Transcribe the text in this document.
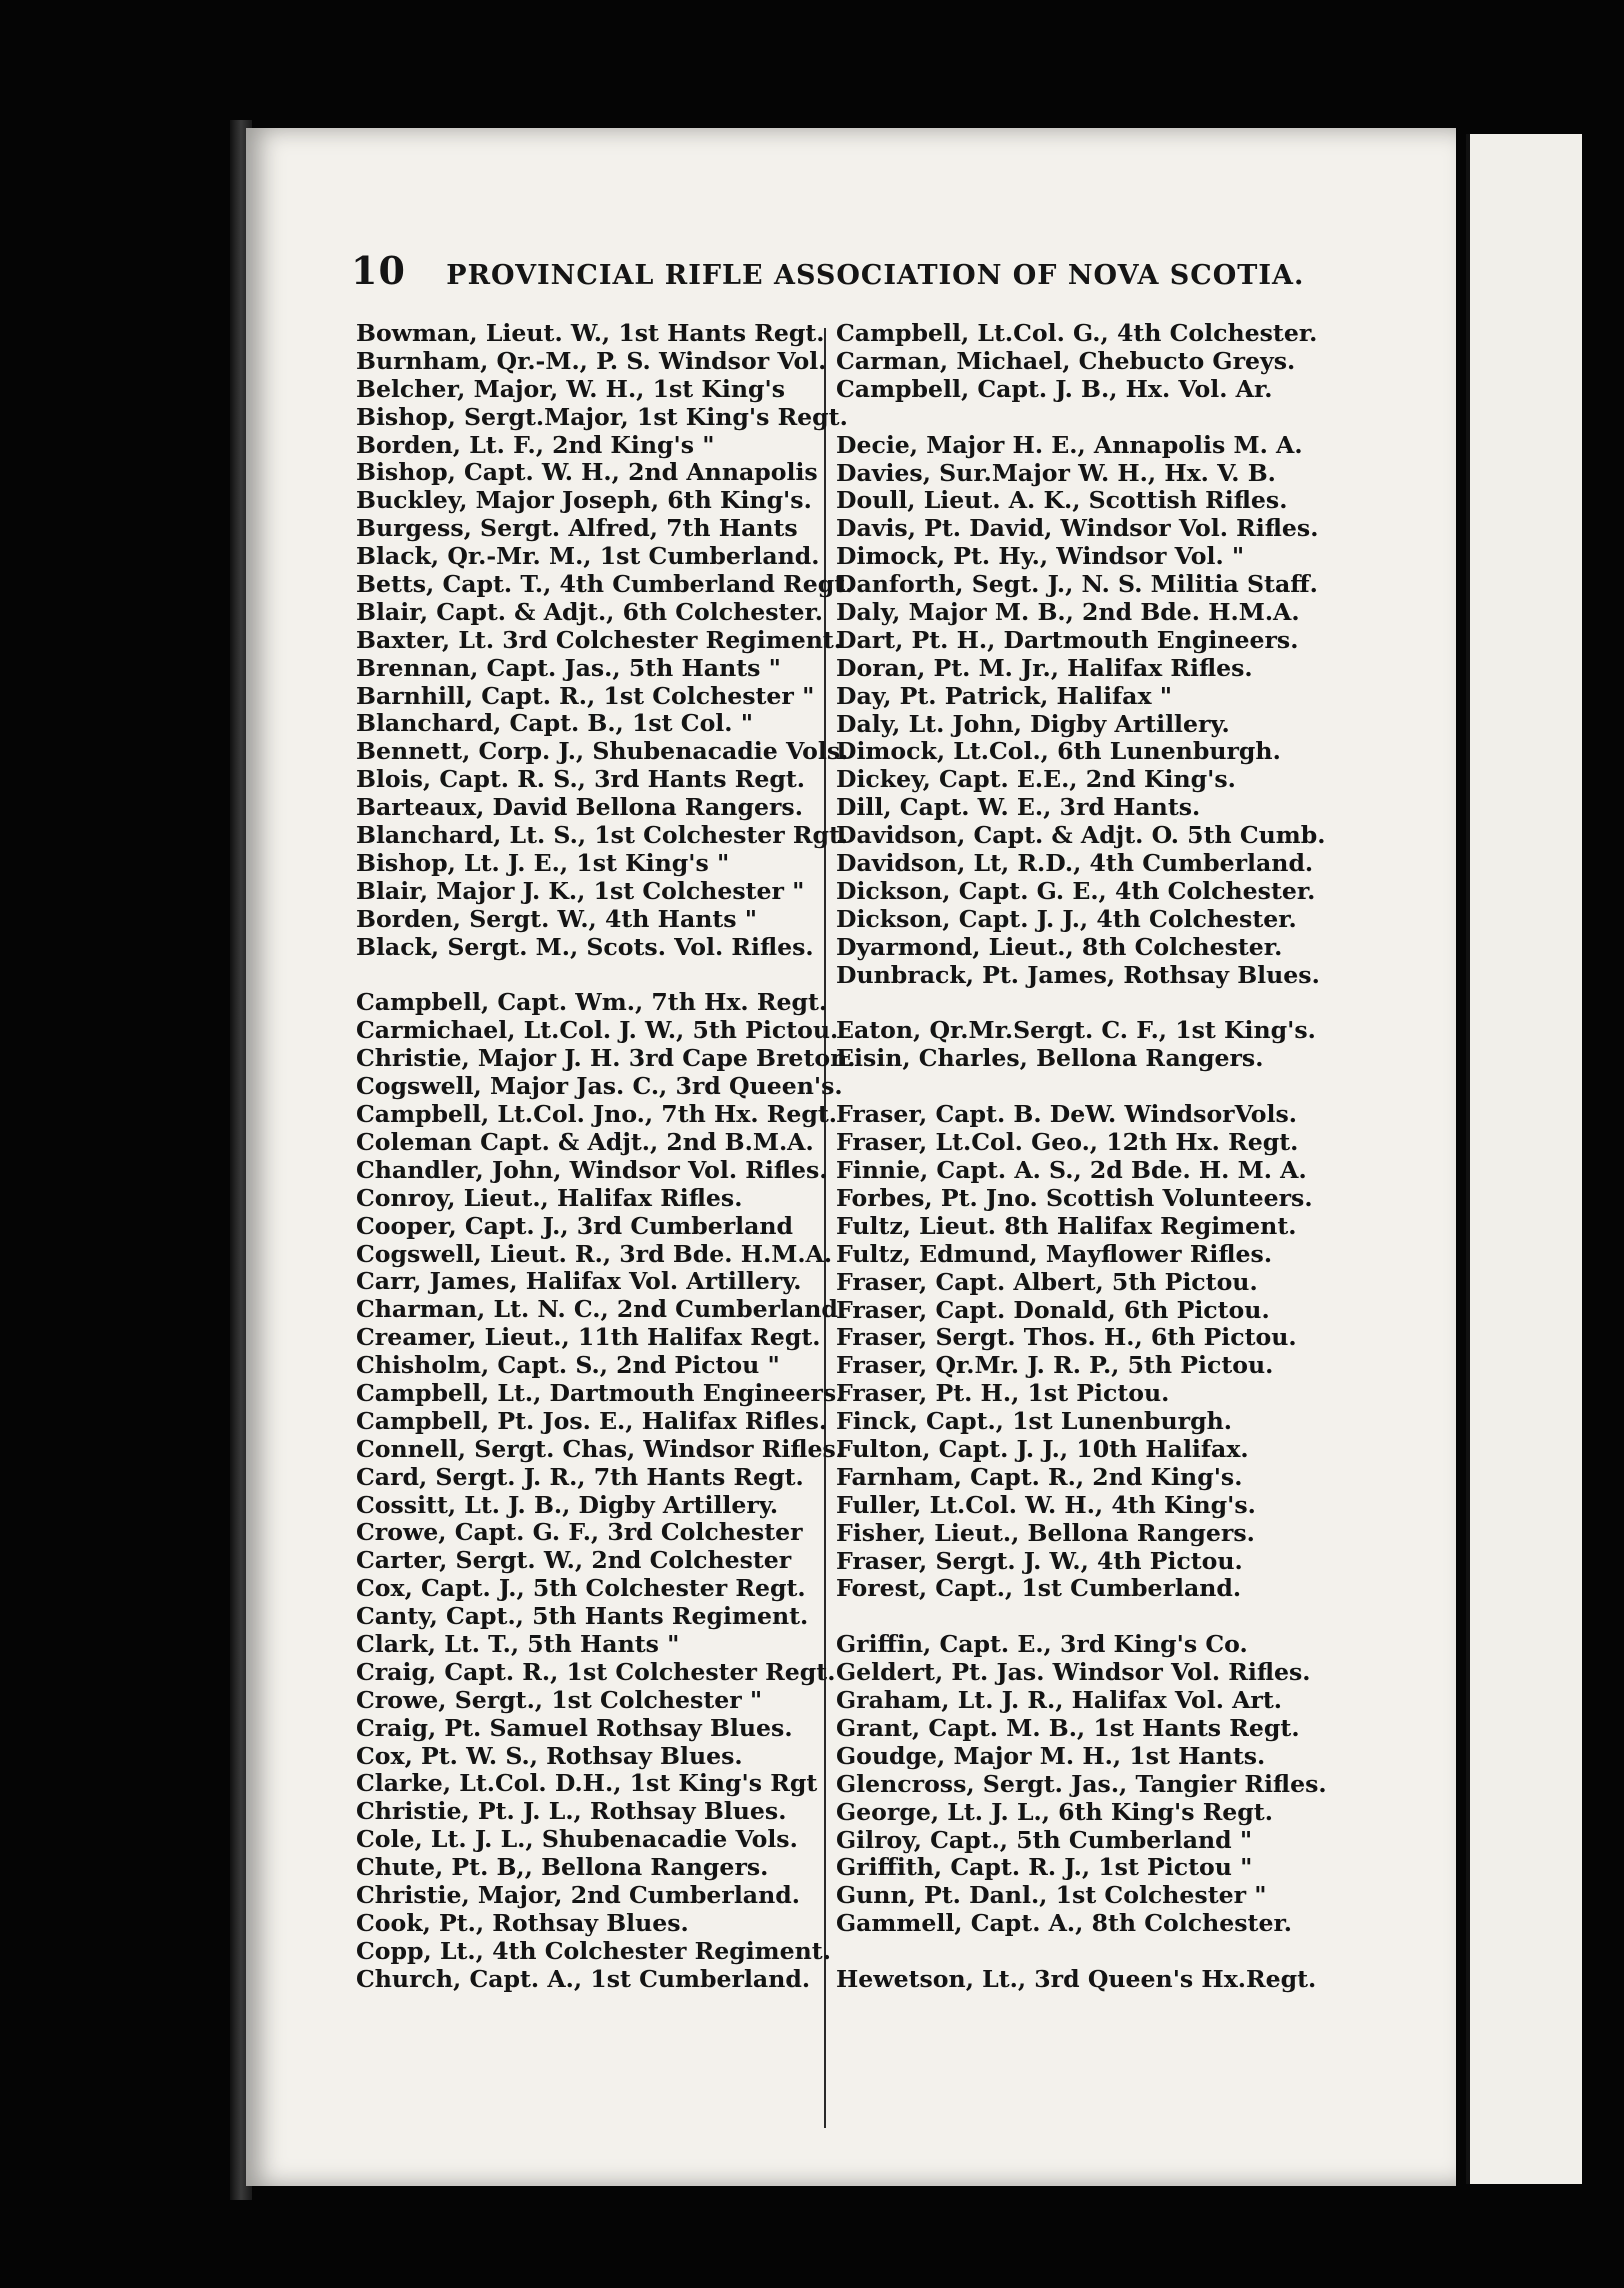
10 PROVINCIAL RIFLE ASSOCIATION OF NOVA SCOTIA.
Bowman, Lieut. W., 1st Hants Regt.
Burnham, Qr.-M., P. S. Windsor Vol.
Belcher, Major, W. H., 1st King's
Bishop, Sergt.Major, 1st King's Regt.
Borden, Lt. F., 2nd King's "
Bishop, Capt. W. H., 2nd Annapolis
Buckley, Major Joseph, 6th King's.
Burgess, Sergt. Alfred, 7th Hants
Black, Qr.-Mr. M., 1st Cumberland.
Betts, Capt. T., 4th Cumberland Regt.
Blair, Capt. & Adjt., 6th Colchester.
Baxter, Lt. 3rd Colchester Regiment.
Brennan, Capt. Jas., 5th Hants "
Barnhill, Capt. R., 1st Colchester "
Blanchard, Capt. B., 1st Col. "
Bennett, Corp. J., Shubenacadie Vols.
Blois, Capt. R. S., 3rd Hants Regt.
Barteaux, David Bellona Rangers.
Blanchard, Lt. S., 1st Colchester Rgt.
Bishop, Lt. J. E., 1st King's "
Blair, Major J. K., 1st Colchester "
Borden, Sergt. W., 4th Hants "
Black, Sergt. M., Scots. Vol. Rifles.
Campbell, Capt. Wm., 7th Hx. Regt.
Carmichael, Lt.Col. J. W., 5th Pictou.
Christie, Major J. H. 3rd Cape Breton.
Cogswell, Major Jas. C., 3rd Queen's.
Campbell, Lt.Col. Jno., 7th Hx. Regt.
Coleman Capt. & Adjt., 2nd B.M.A.
Chandler, John, Windsor Vol. Rifles.
Conroy, Lieut., Halifax Rifles.
Cooper, Capt. J., 3rd Cumberland
Cogswell, Lieut. R., 3rd Bde. H.M.A.
Carr, James, Halifax Vol. Artillery.
Charman, Lt. N. C., 2nd Cumberland.
Creamer, Lieut., 11th Halifax Regt.
Chisholm, Capt. S., 2nd Pictou "
Campbell, Lt., Dartmouth Engineers.
Campbell, Pt. Jos. E., Halifax Rifles.
Connell, Sergt. Chas, Windsor Rifles.
Card, Sergt. J. R., 7th Hants Regt.
Cossitt, Lt. J. B., Digby Artillery.
Crowe, Capt. G. F., 3rd Colchester
Carter, Sergt. W., 2nd Colchester
Cox, Capt. J., 5th Colchester Regt.
Canty, Capt., 5th Hants Regiment.
Clark, Lt. T., 5th Hants "
Craig, Capt. R., 1st Colchester Regt.
Crowe, Sergt., 1st Colchester "
Craig, Pt. Samuel Rothsay Blues.
Cox, Pt. W. S., Rothsay Blues.
Clarke, Lt.Col. D.H., 1st King's Rgt
Christie, Pt. J. L., Rothsay Blues.
Cole, Lt. J. L., Shubenacadie Vols.
Chute, Pt. B,, Bellona Rangers.
Christie, Major, 2nd Cumberland.
Cook, Pt., Rothsay Blues.
Copp, Lt., 4th Colchester Regiment.
Church, Capt. A., 1st Cumberland.
Campbell, Lt.Col. G., 4th Colchester.
Carman, Michael, Chebucto Greys.
Campbell, Capt. J. B., Hx. Vol. Ar.
Decie, Major H. E., Annapolis M. A.
Davies, Sur.Major W. H., Hx. V. B.
Doull, Lieut. A. K., Scottish Rifles.
Davis, Pt. David, Windsor Vol. Rifles.
Dimock, Pt. Hy., Windsor Vol. "
Danforth, Segt. J., N. S. Militia Staff.
Daly, Major M. B., 2nd Bde. H.M.A.
Dart, Pt. H., Dartmouth Engineers.
Doran, Pt. M. Jr., Halifax Rifles.
Day, Pt. Patrick, Halifax "
Daly, Lt. John, Digby Artillery.
Dimock, Lt.Col., 6th Lunenburgh.
Dickey, Capt. E.E., 2nd King's.
Dill, Capt. W. E., 3rd Hants.
Davidson, Capt. & Adjt. O. 5th Cumb.
Davidson, Lt, R.D., 4th Cumberland.
Dickson, Capt. G. E., 4th Colchester.
Dickson, Capt. J. J., 4th Colchester.
Dyarmond, Lieut., 8th Colchester.
Dunbrack, Pt. James, Rothsay Blues.
Eaton, Qr.Mr.Sergt. C. F., 1st King's.
Eisin, Charles, Bellona Rangers.
Fraser, Capt. B. DeW. WindsorVols.
Fraser, Lt.Col. Geo., 12th Hx. Regt.
Finnie, Capt. A. S., 2d Bde. H. M. A.
Forbes, Pt. Jno. Scottish Volunteers.
Fultz, Lieut. 8th Halifax Regiment.
Fultz, Edmund, Mayflower Rifles.
Fraser, Capt. Albert, 5th Pictou.
Fraser, Capt. Donald, 6th Pictou.
Fraser, Sergt. Thos. H., 6th Pictou.
Fraser, Qr.Mr. J. R. P., 5th Pictou.
Fraser, Pt. H., 1st Pictou.
Finck, Capt., 1st Lunenburgh.
Fulton, Capt. J. J., 10th Halifax.
Farnham, Capt. R., 2nd King's.
Fuller, Lt.Col. W. H., 4th King's.
Fisher, Lieut., Bellona Rangers.
Fraser, Sergt. J. W., 4th Pictou.
Forest, Capt., 1st Cumberland.
Griffin, Capt. E., 3rd King's Co.
Geldert, Pt. Jas. Windsor Vol. Rifles.
Graham, Lt. J. R., Halifax Vol. Art.
Grant, Capt. M. B., 1st Hants Regt.
Goudge, Major M. H., 1st Hants.
Glencross, Sergt. Jas., Tangier Rifles.
George, Lt. J. L., 6th King's Regt.
Gilroy, Capt., 5th Cumberland "
Griffith, Capt. R. J., 1st Pictou "
Gunn, Pt. Danl., 1st Colchester "
Gammell, Capt. A., 8th Colchester.
Hewetson, Lt., 3rd Queen's Hx.Regt.
